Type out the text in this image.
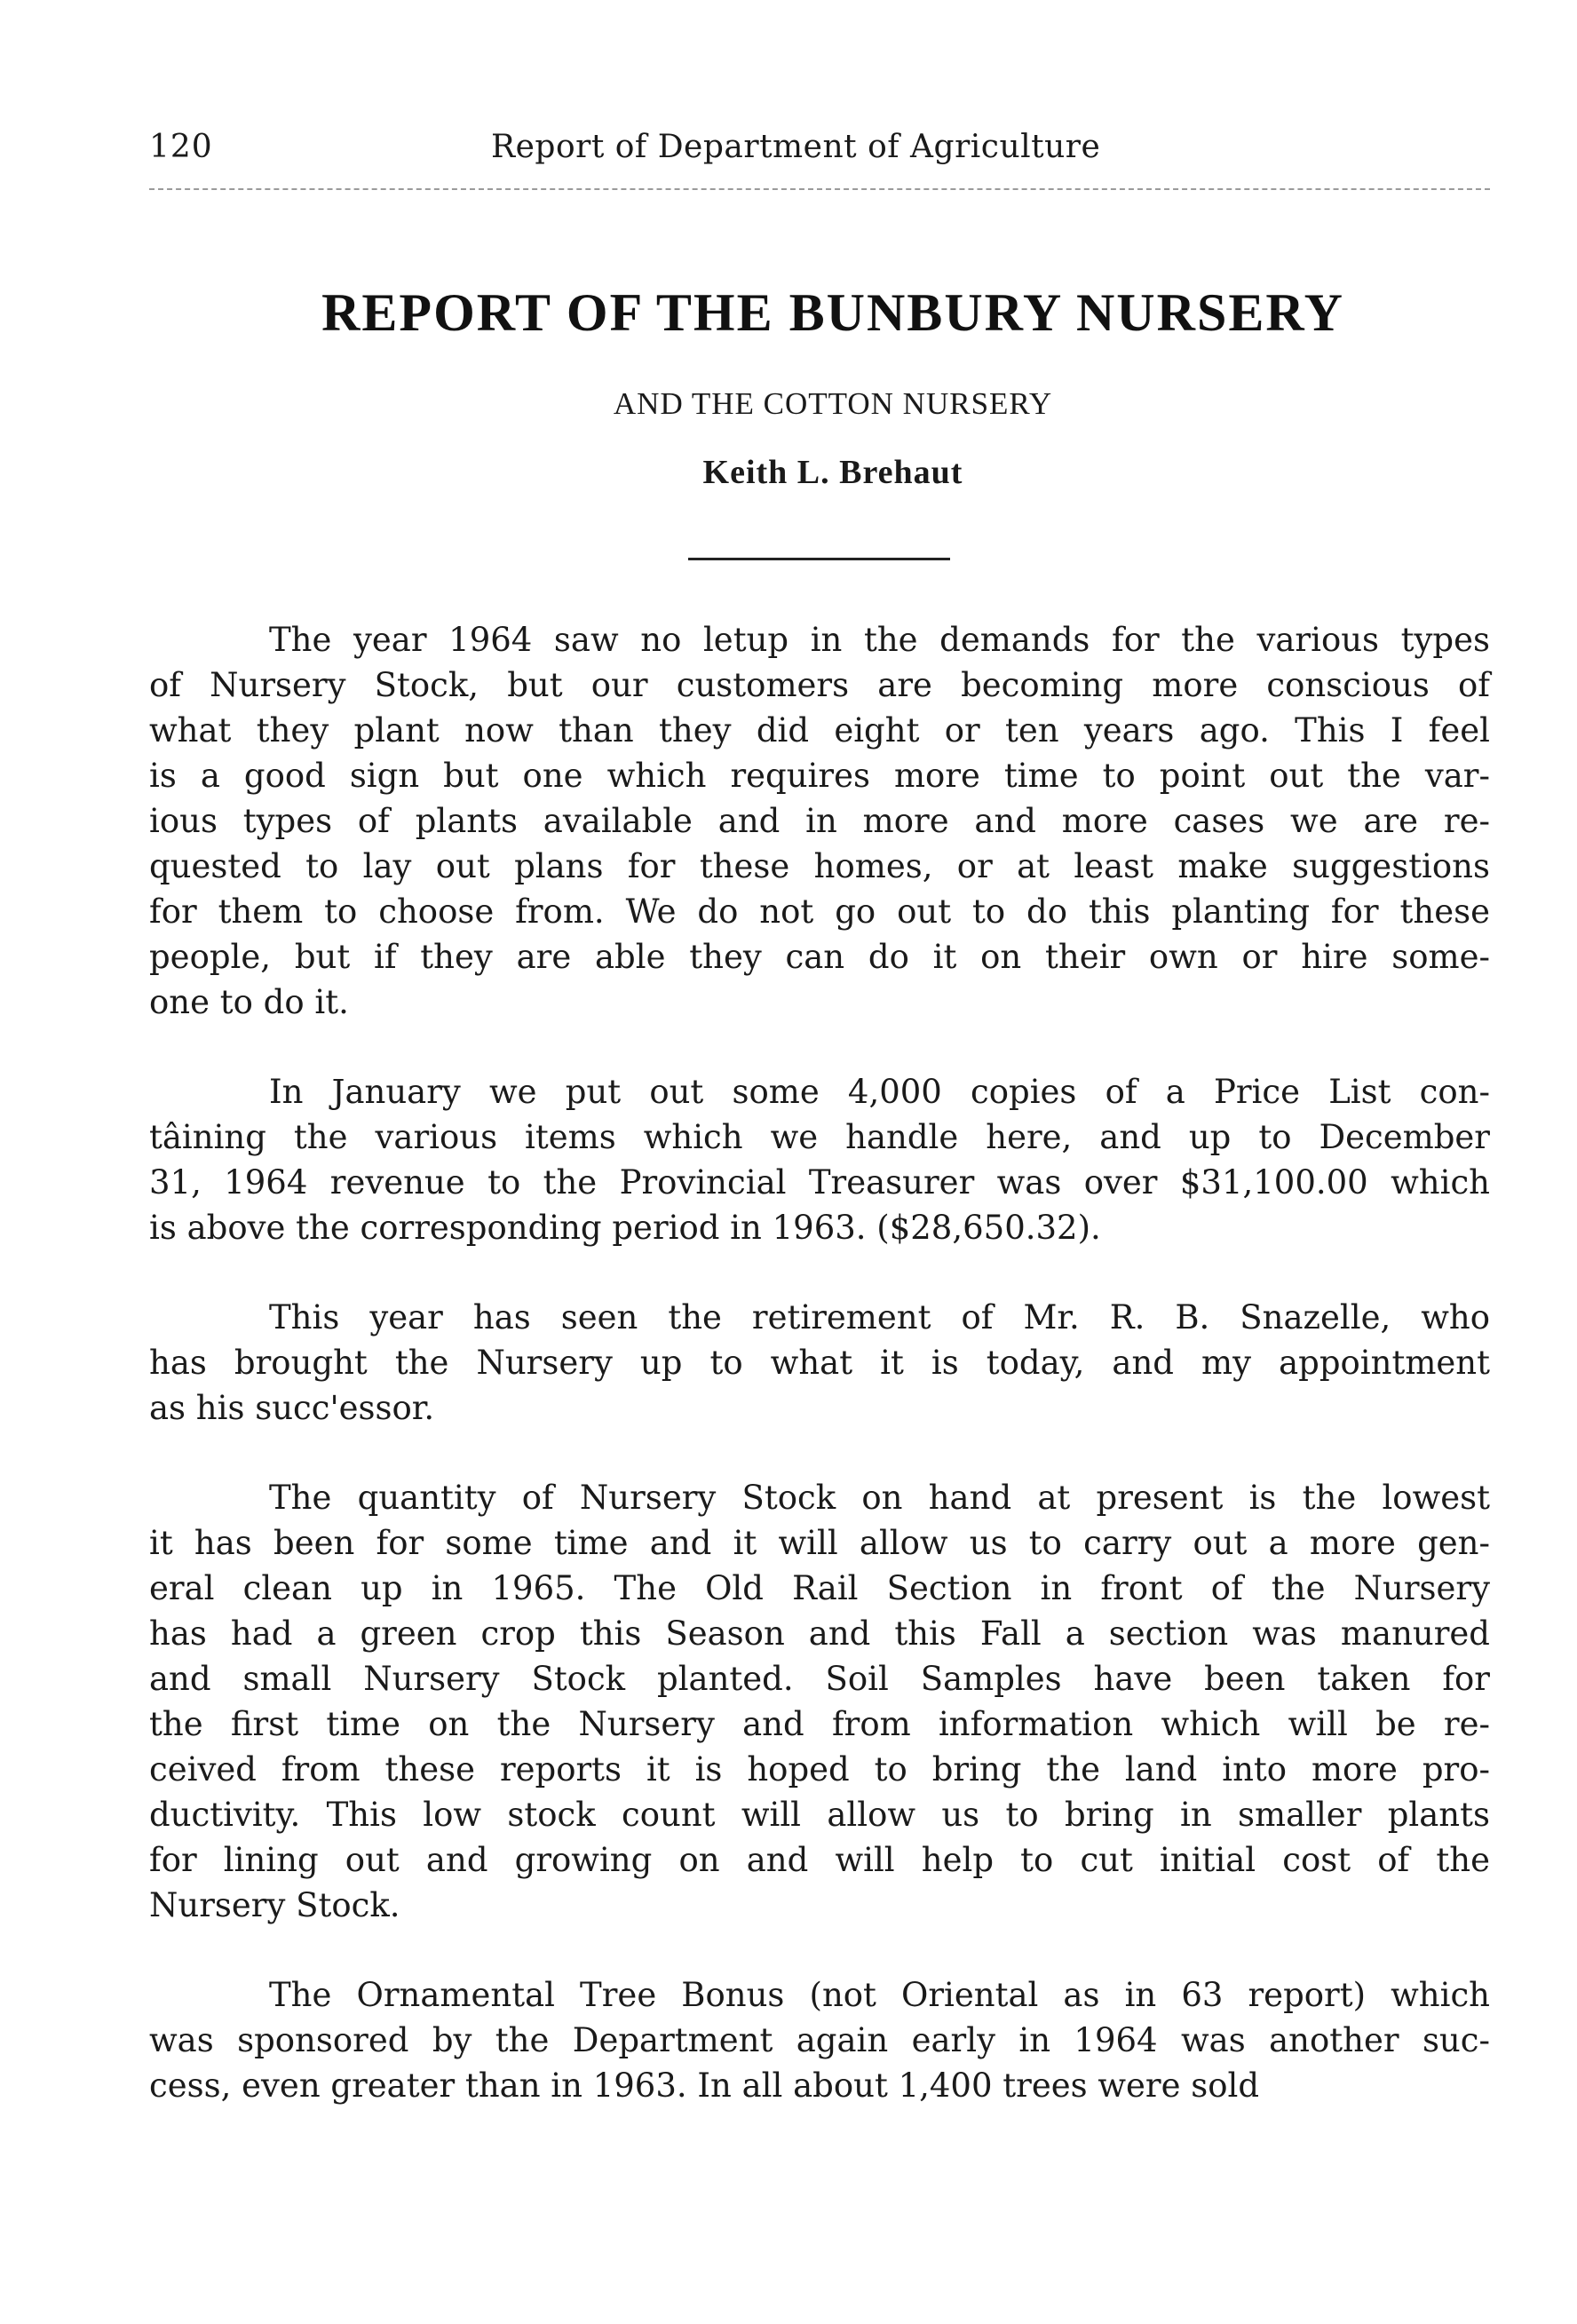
120	Report of Department of Agriculture
REPORT OF THE BUNBURY NURSERY
AND THE COTTON NURSERY
Keith L. Brehaut
The year 1964 saw no letup in the demands for the various types
of Nursery Stock, but our customers are becoming more conscious of
what they plant now than they did eight or ten years ago. This I feel
is a good sign but one which requires more time to point out the var-
ious types of plants available and in more and more cases we are re-
quested to lay out plans for these homes, or at least make suggestions
for them to choose from. We do not go out to do this planting for these
people, but if they are able they can do it on their own or hire some-
one to do it.
In January we put out some 4,000 copies of a Price List con-
tâining the various items which we handle here, and up to December
31, 1964 revenue to the Provincial Treasurer was over $31,100.00 which
is above the corresponding period in 1963. ($28,650.32).
This year has seen the retirement of Mr. R. B. Snazelle, who
has brought the Nursery up to what it is today, and my appointment
as his succ'essor.
The quantity of Nursery Stock on hand at present is the lowest
it has been for some time and it will allow us to carry out a more gen-
eral clean up in 1965. The Old Rail Section in front of the Nursery
has had a green crop this Season and this Fall a section was manured
and small Nursery Stock planted. Soil Samples have been taken for
the first time on the Nursery and from information which will be re-
ceived from these reports it is hoped to bring the land into more pro-
ductivity. This low stock count will allow us to bring in smaller plants
for lining out and growing on and will help to cut initial cost of the
Nursery Stock.
The Ornamental Tree Bonus (not Oriental as in 63 report) which
was sponsored by the Department again early in 1964 was another suc-
cess, even greater than in 1963. In all about 1,400 trees were sold
